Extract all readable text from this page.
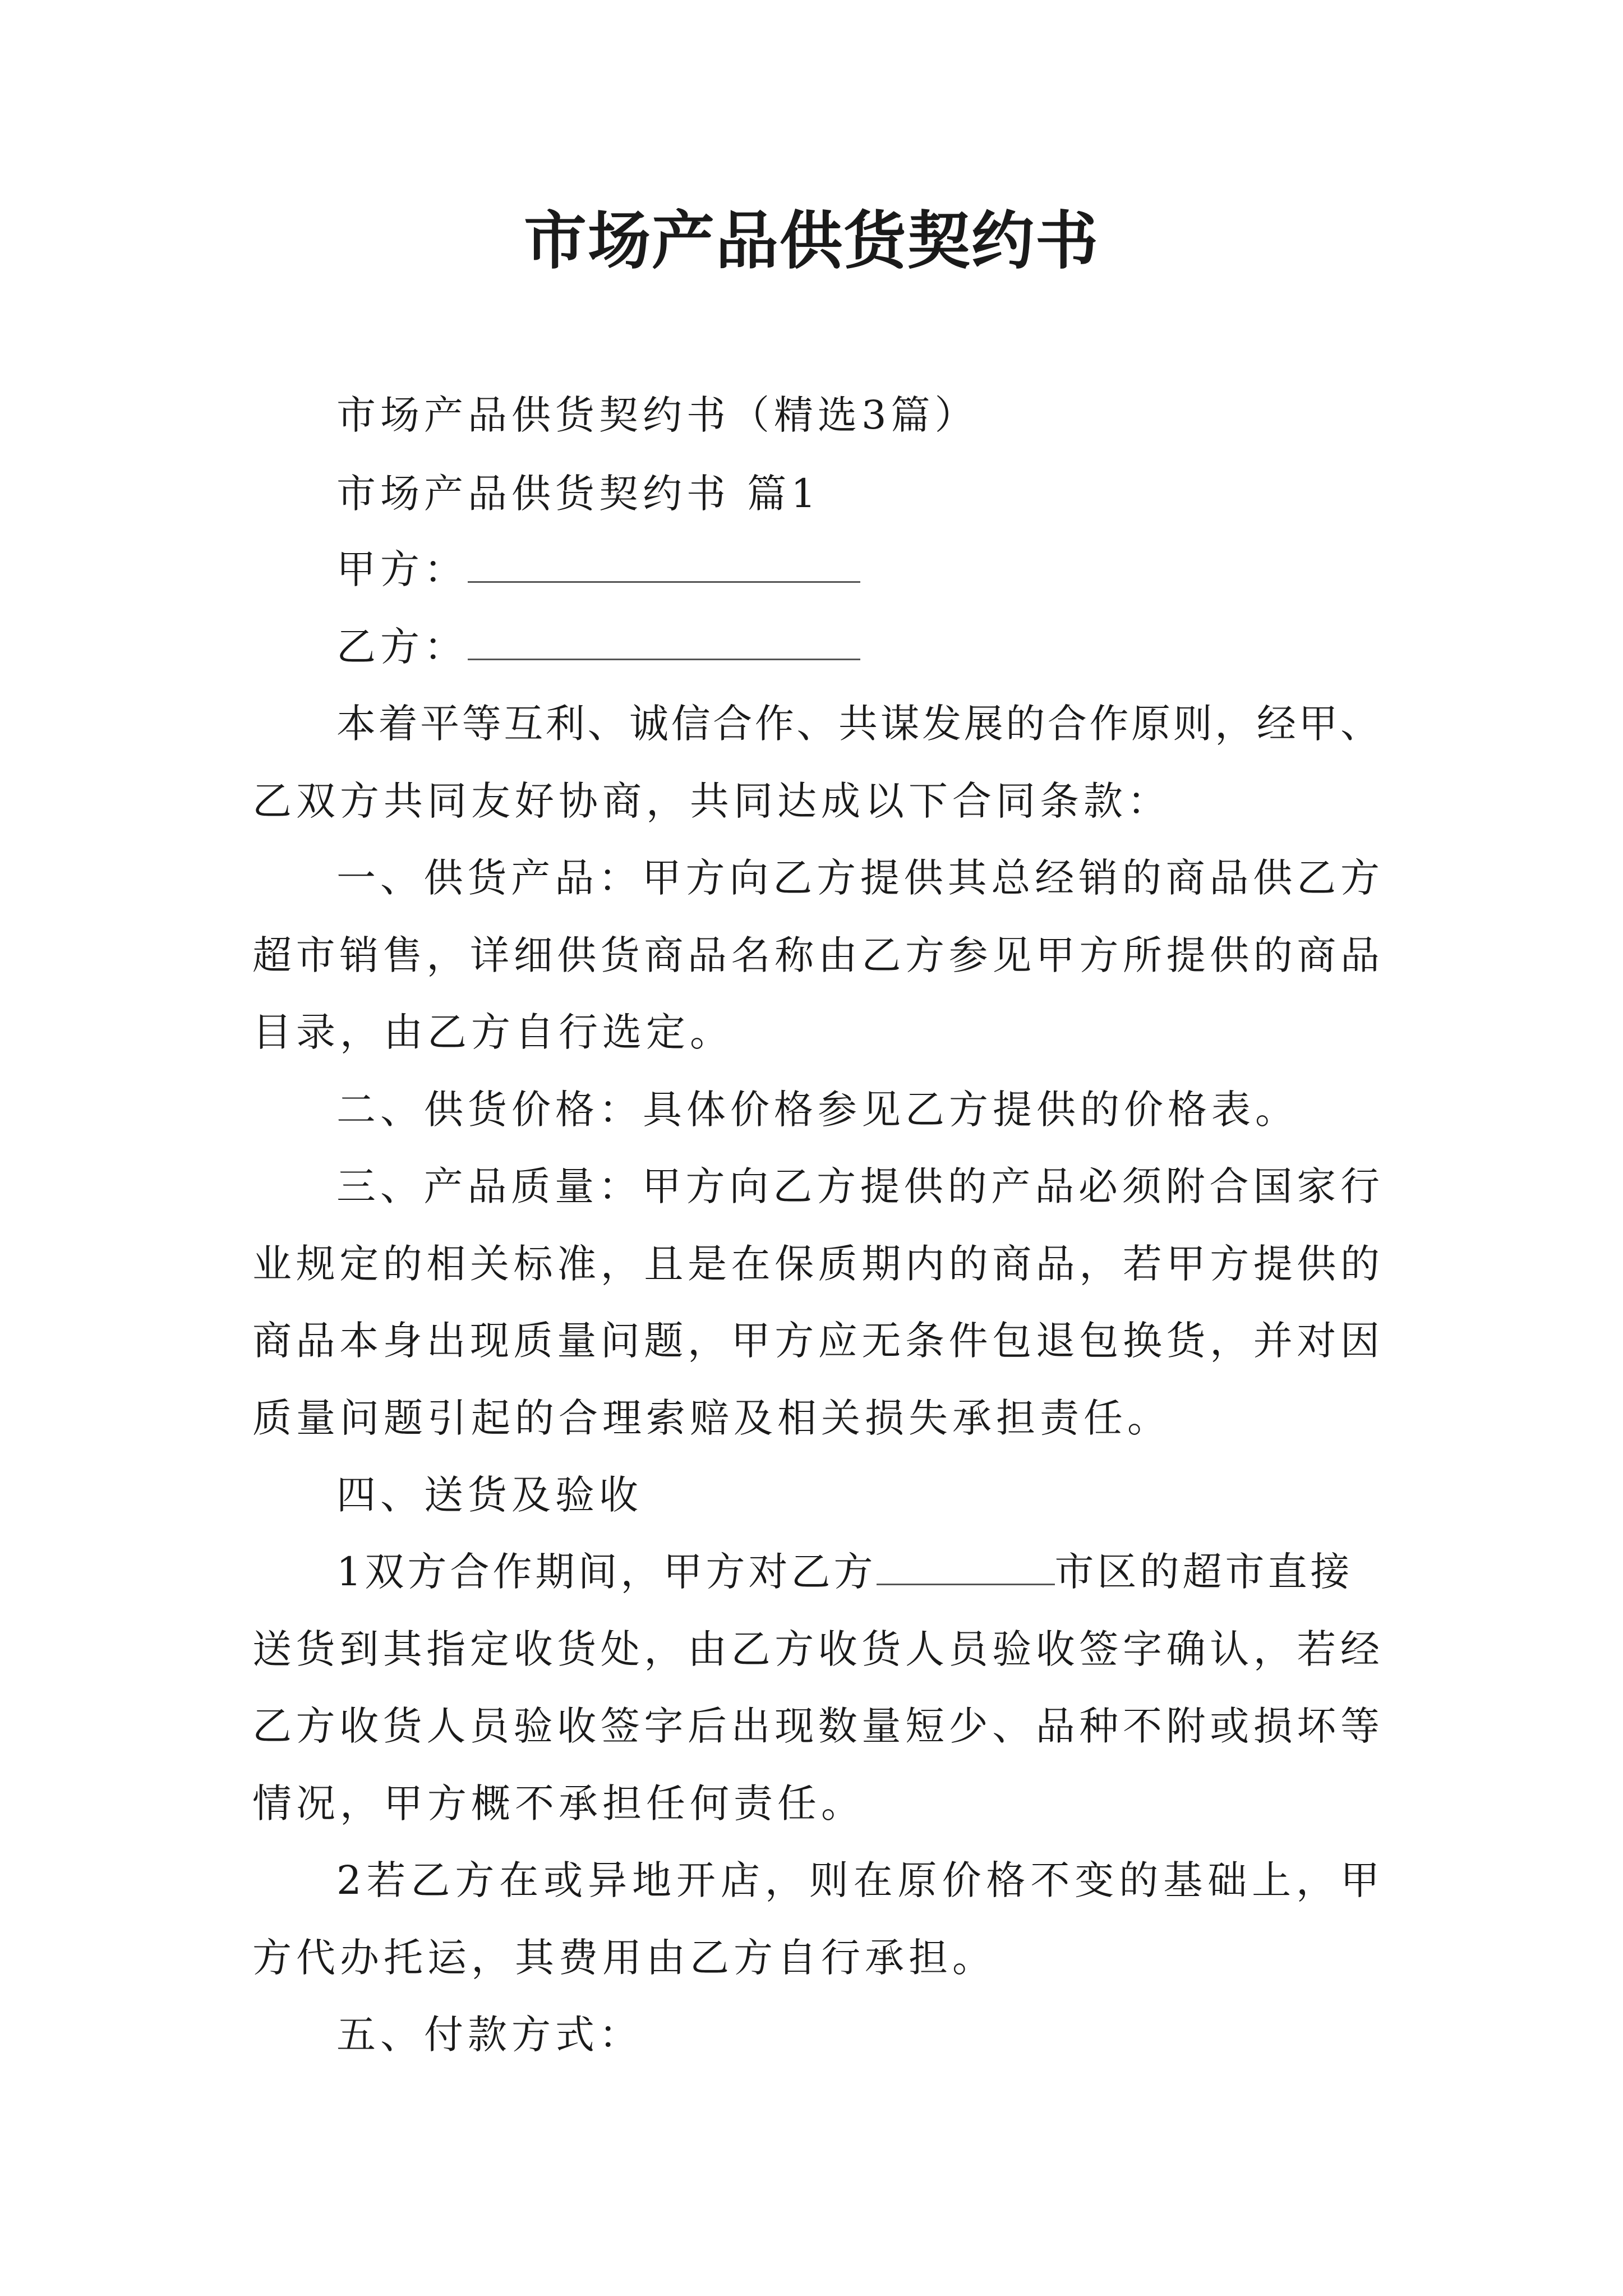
市场产品供货契约书
市场产品供货契约书（精选3篇）
市场产品供货契约书 篇1
甲方：
乙方：
本着平等互利、诚信合作、共谋发展的合作原则，经甲、
乙双方共同友好协商，共同达成以下合同条款：
一、供货产品：甲方向乙方提供其总经销的商品供乙方
超市销售，详细供货商品名称由乙方参见甲方所提供的商品
目录，由乙方自行选定。
二、供货价格：具体价格参见乙方提供的价格表。
三、产品质量：甲方向乙方提供的产品必须附合国家行
业规定的相关标准，且是在保质期内的商品，若甲方提供的
商品本身出现质量问题，甲方应无条件包退包换货，并对因
质量问题引起的合理索赔及相关损失承担责任。
四、送货及验收
1双方合作期间，甲方对乙方	市区的超市直接
送货到其指定收货处，由乙方收货人员验收签字确认，若经
乙方收货人员验收签字后出现数量短少、品种不附或损坏等
情况，甲方概不承担任何责任。
2若乙方在或异地开店，则在原价格不变的基础上，甲
方代办托运，其费用由乙方自行承担。
五、付款方式：
